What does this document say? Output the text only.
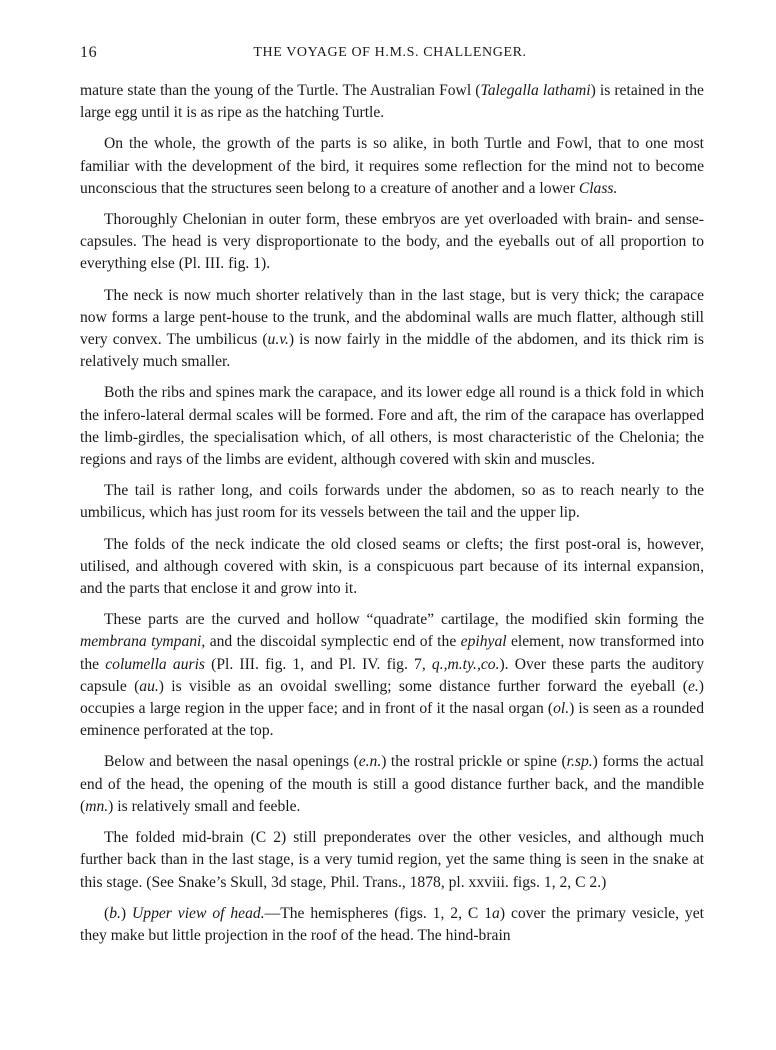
16	THE VOYAGE OF H.M.S. CHALLENGER.

mature state than the young of the Turtle. The Australian Fowl (Talegalla lathami) is retained in the large egg until it is as ripe as the hatching Turtle.

On the whole, the growth of the parts is so alike, in both Turtle and Fowl, that to one most familiar with the development of the bird, it requires some reflection for the mind not to become unconscious that the structures seen belong to a creature of another and a lower Class.

Thoroughly Chelonian in outer form, these embryos are yet overloaded with brain- and sense-capsules. The head is very disproportionate to the body, and the eyeballs out of all proportion to everything else (Pl. III. fig. 1).

The neck is now much shorter relatively than in the last stage, but is very thick; the carapace now forms a large pent-house to the trunk, and the abdominal walls are much flatter, although still very convex. The umbilicus (u.v.) is now fairly in the middle of the abdomen, and its thick rim is relatively much smaller.

Both the ribs and spines mark the carapace, and its lower edge all round is a thick fold in which the infero-lateral dermal scales will be formed. Fore and aft, the rim of the carapace has overlapped the limb-girdles, the specialisation which, of all others, is most characteristic of the Chelonia; the regions and rays of the limbs are evident, although covered with skin and muscles.

The tail is rather long, and coils forwards under the abdomen, so as to reach nearly to the umbilicus, which has just room for its vessels between the tail and the upper lip.

The folds of the neck indicate the old closed seams or clefts; the first post-oral is, however, utilised, and although covered with skin, is a conspicuous part because of its internal expansion, and the parts that enclose it and grow into it.

These parts are the curved and hollow “quadrate” cartilage, the modified skin forming the membrana tympani, and the discoidal symplectic end of the epihyal element, now transformed into the columella auris (Pl. III. fig. 1, and Pl. IV. fig. 7, q.,m.ty.,co.). Over these parts the auditory capsule (au.) is visible as an ovoidal swelling; some distance further forward the eyeball (e.) occupies a large region in the upper face; and in front of it the nasal organ (ol.) is seen as a rounded eminence perforated at the top.

Below and between the nasal openings (e.n.) the rostral prickle or spine (r.sp.) forms the actual end of the head, the opening of the mouth is still a good distance further back, and the mandible (mn.) is relatively small and feeble.

The folded mid-brain (C 2) still preponderates over the other vesicles, and although much further back than in the last stage, is a very tumid region, yet the same thing is seen in the snake at this stage. (See Snake’s Skull, 3d stage, Phil. Trans., 1878, pl. xxviii. figs. 1, 2, C 2.)

(b.) Upper view of head.—The hemispheres (figs. 1, 2, C 1a) cover the primary vesicle, yet they make but little projection in the roof of the head. The hind-brain
